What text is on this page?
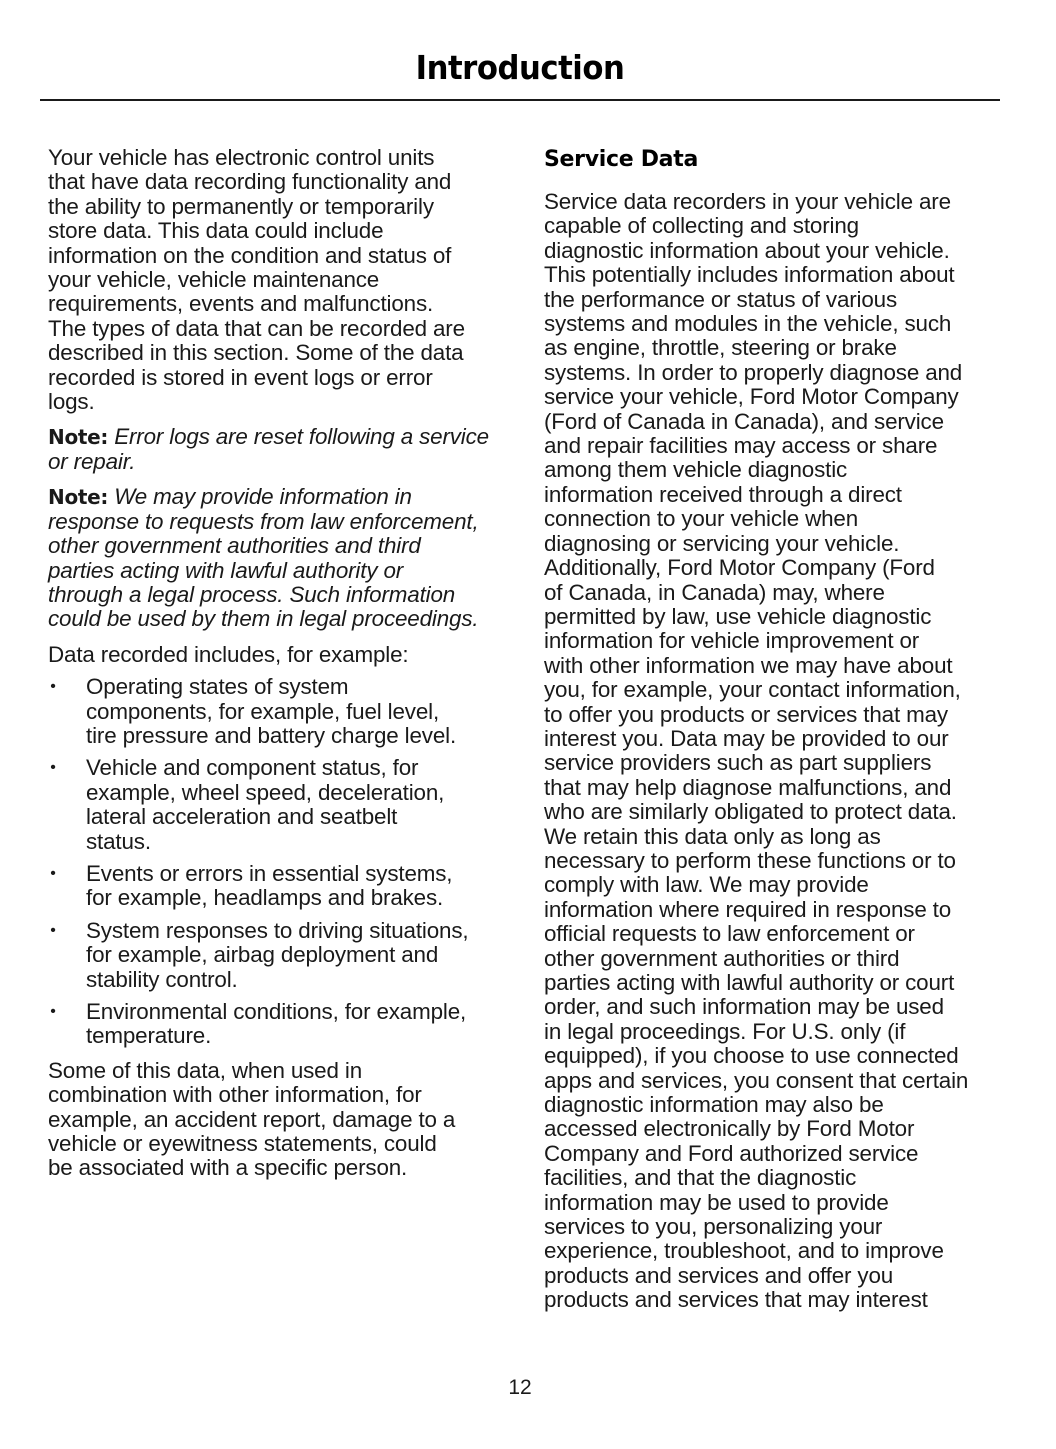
Introduction

Your vehicle has electronic control units
that have data recording functionality and
the ability to permanently or temporarily
store data. This data could include
information on the condition and status of
your vehicle, vehicle maintenance
requirements, events and malfunctions.
The types of data that can be recorded are
described in this section. Some of the data
recorded is stored in event logs or error
logs.

Note: Error logs are reset following a service
or repair.

Note: We may provide information in
response to requests from law enforcement,
other government authorities and third
parties acting with lawful authority or
through a legal process. Such information
could be used by them in legal proceedings.

Data recorded includes, for example:

• Operating states of system
components, for example, fuel level,
tire pressure and battery charge level.
• Vehicle and component status, for
example, wheel speed, deceleration,
lateral acceleration and seatbelt
status.
• Events or errors in essential systems,
for example, headlamps and brakes.
• System responses to driving situations,
for example, airbag deployment and
stability control.
• Environmental conditions, for example,
temperature.

Some of this data, when used in
combination with other information, for
example, an accident report, damage to a
vehicle or eyewitness statements, could
be associated with a specific person.

Service Data

Service data recorders in your vehicle are
capable of collecting and storing
diagnostic information about your vehicle.
This potentially includes information about
the performance or status of various
systems and modules in the vehicle, such
as engine, throttle, steering or brake
systems. In order to properly diagnose and
service your vehicle, Ford Motor Company
(Ford of Canada in Canada), and service
and repair facilities may access or share
among them vehicle diagnostic
information received through a direct
connection to your vehicle when
diagnosing or servicing your vehicle.
Additionally, Ford Motor Company (Ford
of Canada, in Canada) may, where
permitted by law, use vehicle diagnostic
information for vehicle improvement or
with other information we may have about
you, for example, your contact information,
to offer you products or services that may
interest you. Data may be provided to our
service providers such as part suppliers
that may help diagnose malfunctions, and
who are similarly obligated to protect data.
We retain this data only as long as
necessary to perform these functions or to
comply with law. We may provide
information where required in response to
official requests to law enforcement or
other government authorities or third
parties acting with lawful authority or court
order, and such information may be used
in legal proceedings. For U.S. only (if
equipped), if you choose to use connected
apps and services, you consent that certain
diagnostic information may also be
accessed electronically by Ford Motor
Company and Ford authorized service
facilities, and that the diagnostic
information may be used to provide
services to you, personalizing your
experience, troubleshoot, and to improve
products and services and offer you
products and services that may interest

12
